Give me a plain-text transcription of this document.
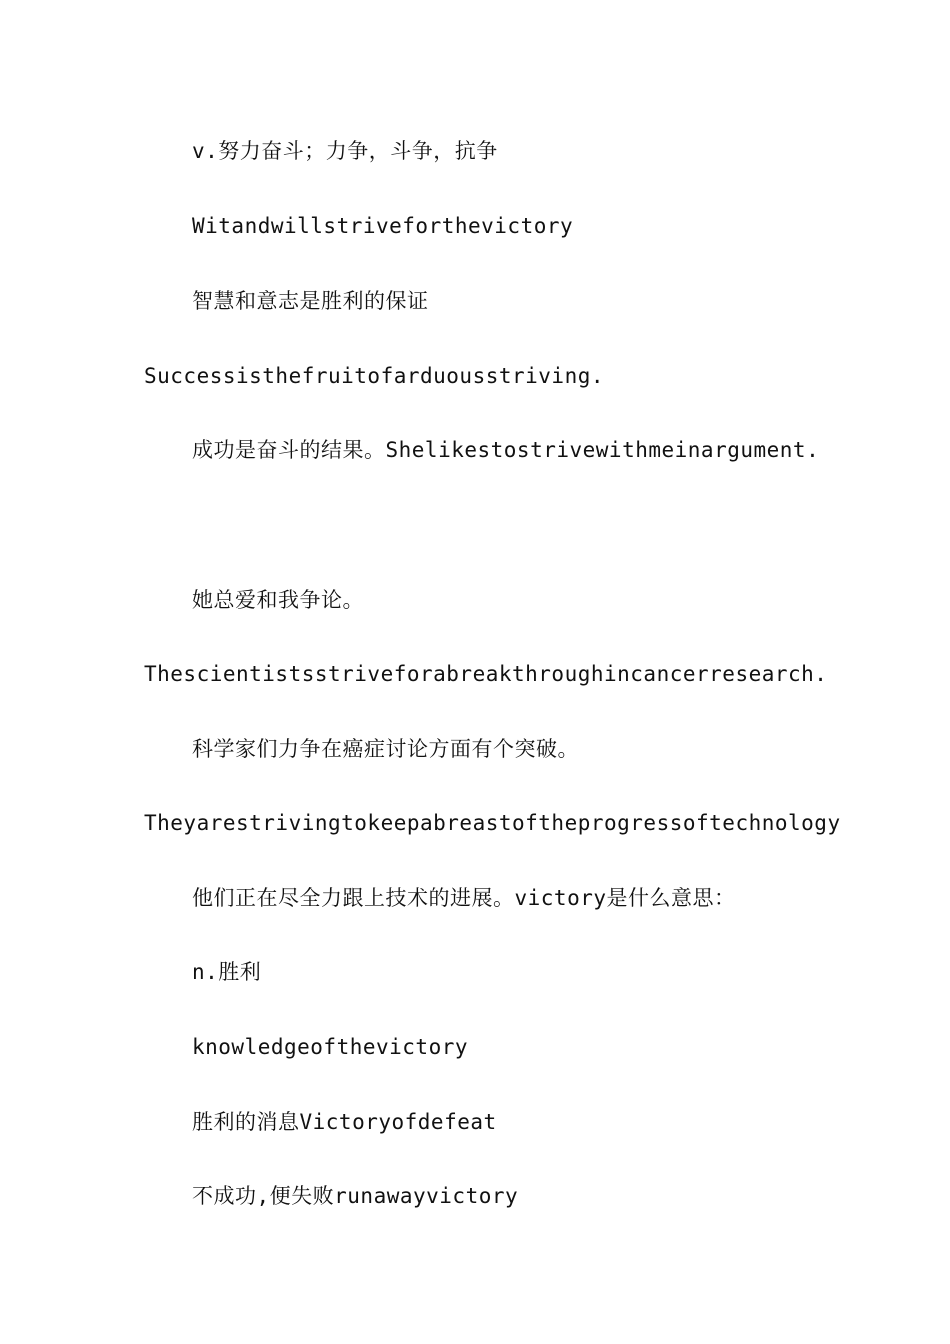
v.努力奋斗；力争，斗争，抗争
Witandwillstriveforthevictory
智慧和意志是胜利的保证
Successisthefruitofarduousstriving.
成功是奋斗的结果。Shelikestostrivewithmeinargument.
她总爱和我争论。
Thescientistsstriveforabreakthroughincancerresearch.
科学家们力争在癌症讨论方面有个突破。
Theyarestrivingtokeepabreastoftheprogressoftechnology
他们正在尽全力跟上技术的进展。victory是什么意思：
n.胜利
knowledgeofthevictory
胜利的消息Victoryofdefeat
不成功,便失败runawayvictory
